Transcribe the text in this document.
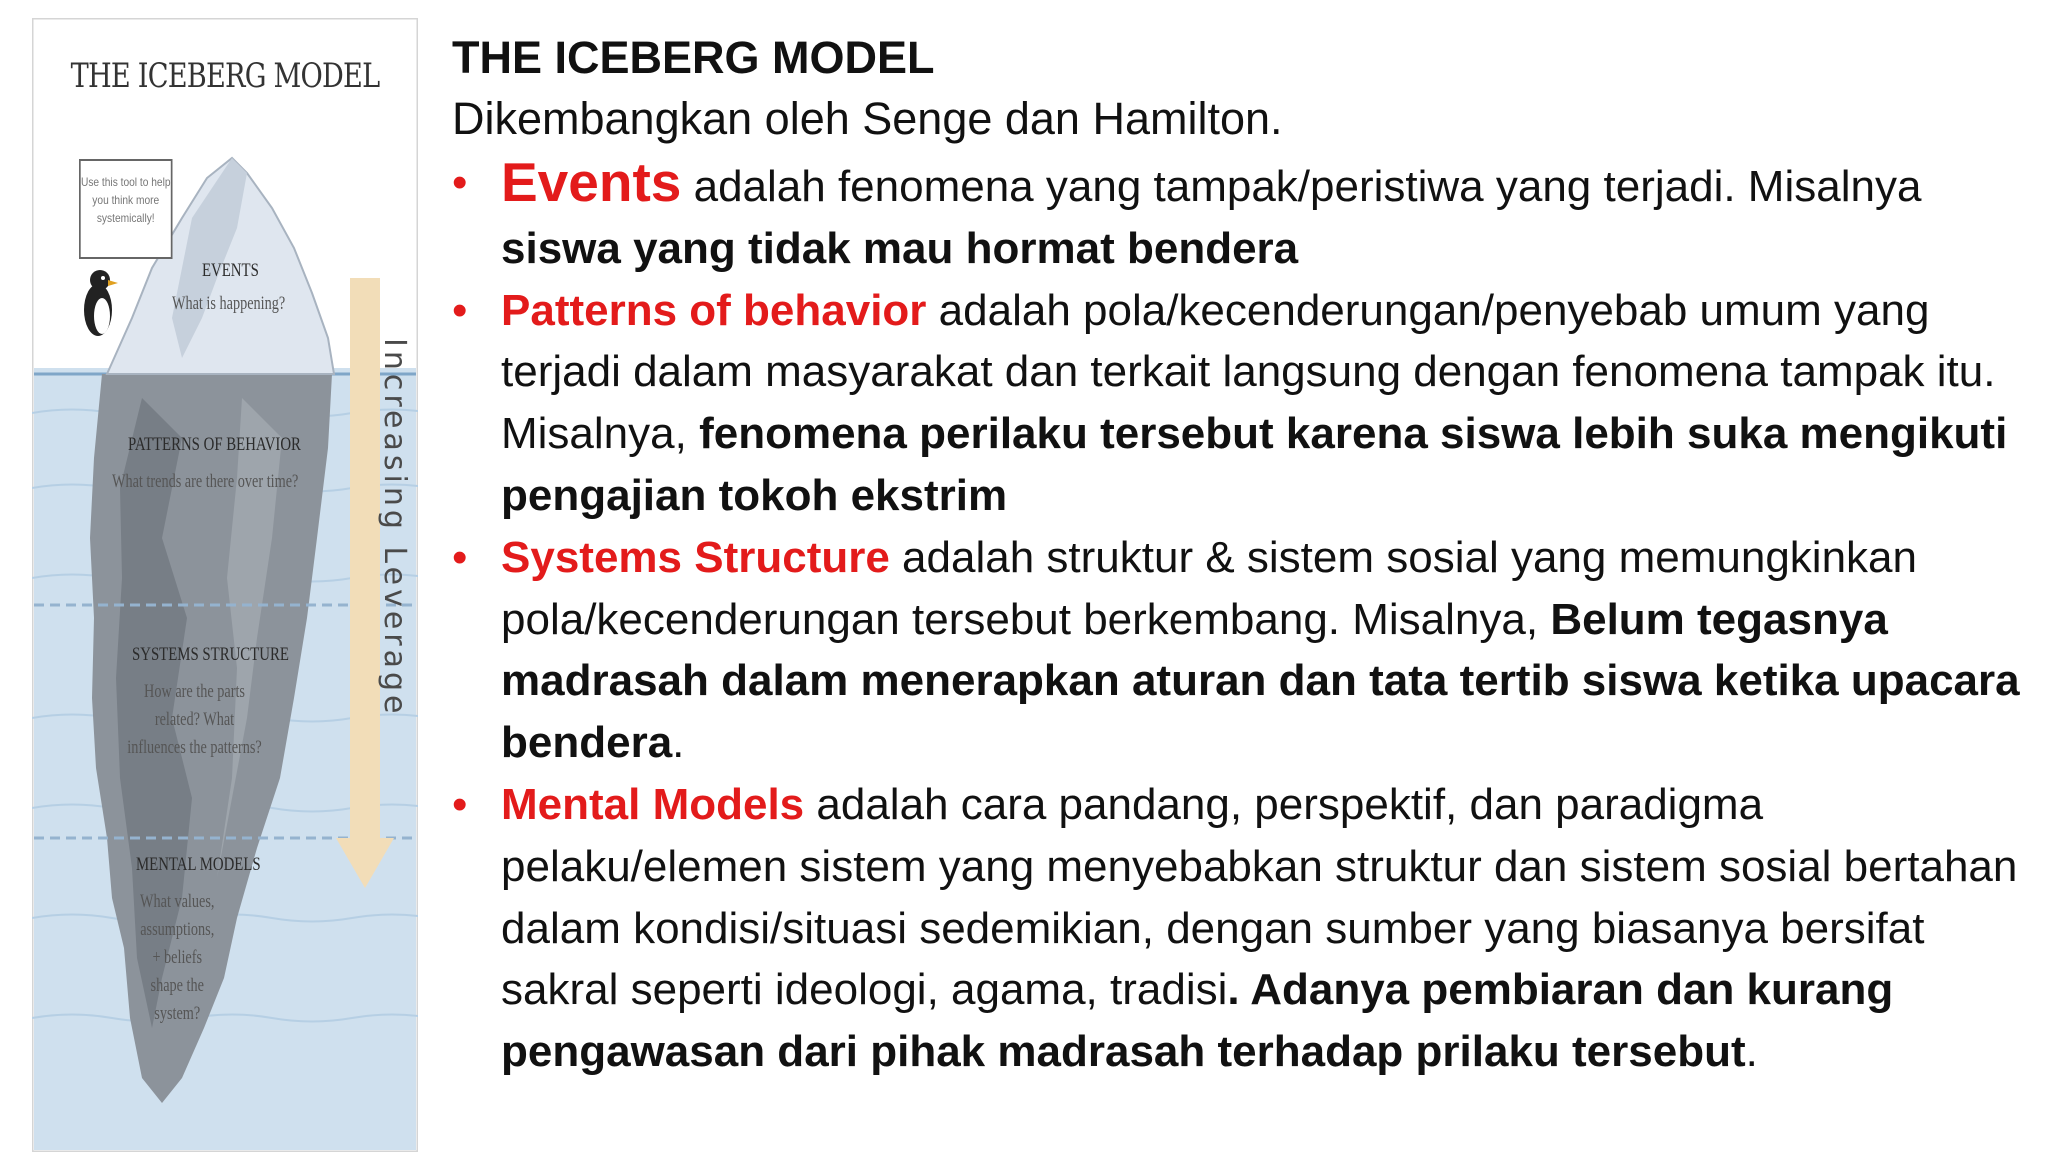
THE ICEBERG MODEL
Use this tool to help you think more systemically!
EVENTS
What is happening?
PATTERNS OF BEHAVIOR
What trends are there over time?
SYSTEMS STRUCTURE
How are the parts related? What influences the patterns?
MENTAL MODELS
What values, assumptions, + beliefs shape the system?
Increasing Leverage

THE ICEBERG MODEL

Dikembangkan oleh Senge dan Hamilton.

• Events adalah fenomena yang tampak/peristiwa yang terjadi. Misalnya siswa yang tidak mau hormat bendera
• Patterns of behavior adalah pola/kecenderungan/penyebab umum yang terjadi dalam masyarakat dan terkait langsung dengan fenomena tampak itu. Misalnya, fenomena perilaku tersebut karena siswa lebih suka mengikuti pengajian tokoh ekstrim
• Systems Structure adalah struktur & sistem sosial yang memungkinkan pola/kecenderungan tersebut berkembang. Misalnya, Belum tegasnya madrasah dalam menerapkan aturan dan tata tertib siswa ketika upacara bendera.
• Mental Models adalah cara pandang, perspektif, dan paradigma pelaku/elemen sistem yang menyebabkan struktur dan sistem sosial bertahan dalam kondisi/situasi sedemikian, dengan sumber yang biasanya bersifat sakral seperti ideologi, agama, tradisi. Adanya pembiaran dan kurang pengawasan dari pihak madrasah terhadap prilaku tersebut.
